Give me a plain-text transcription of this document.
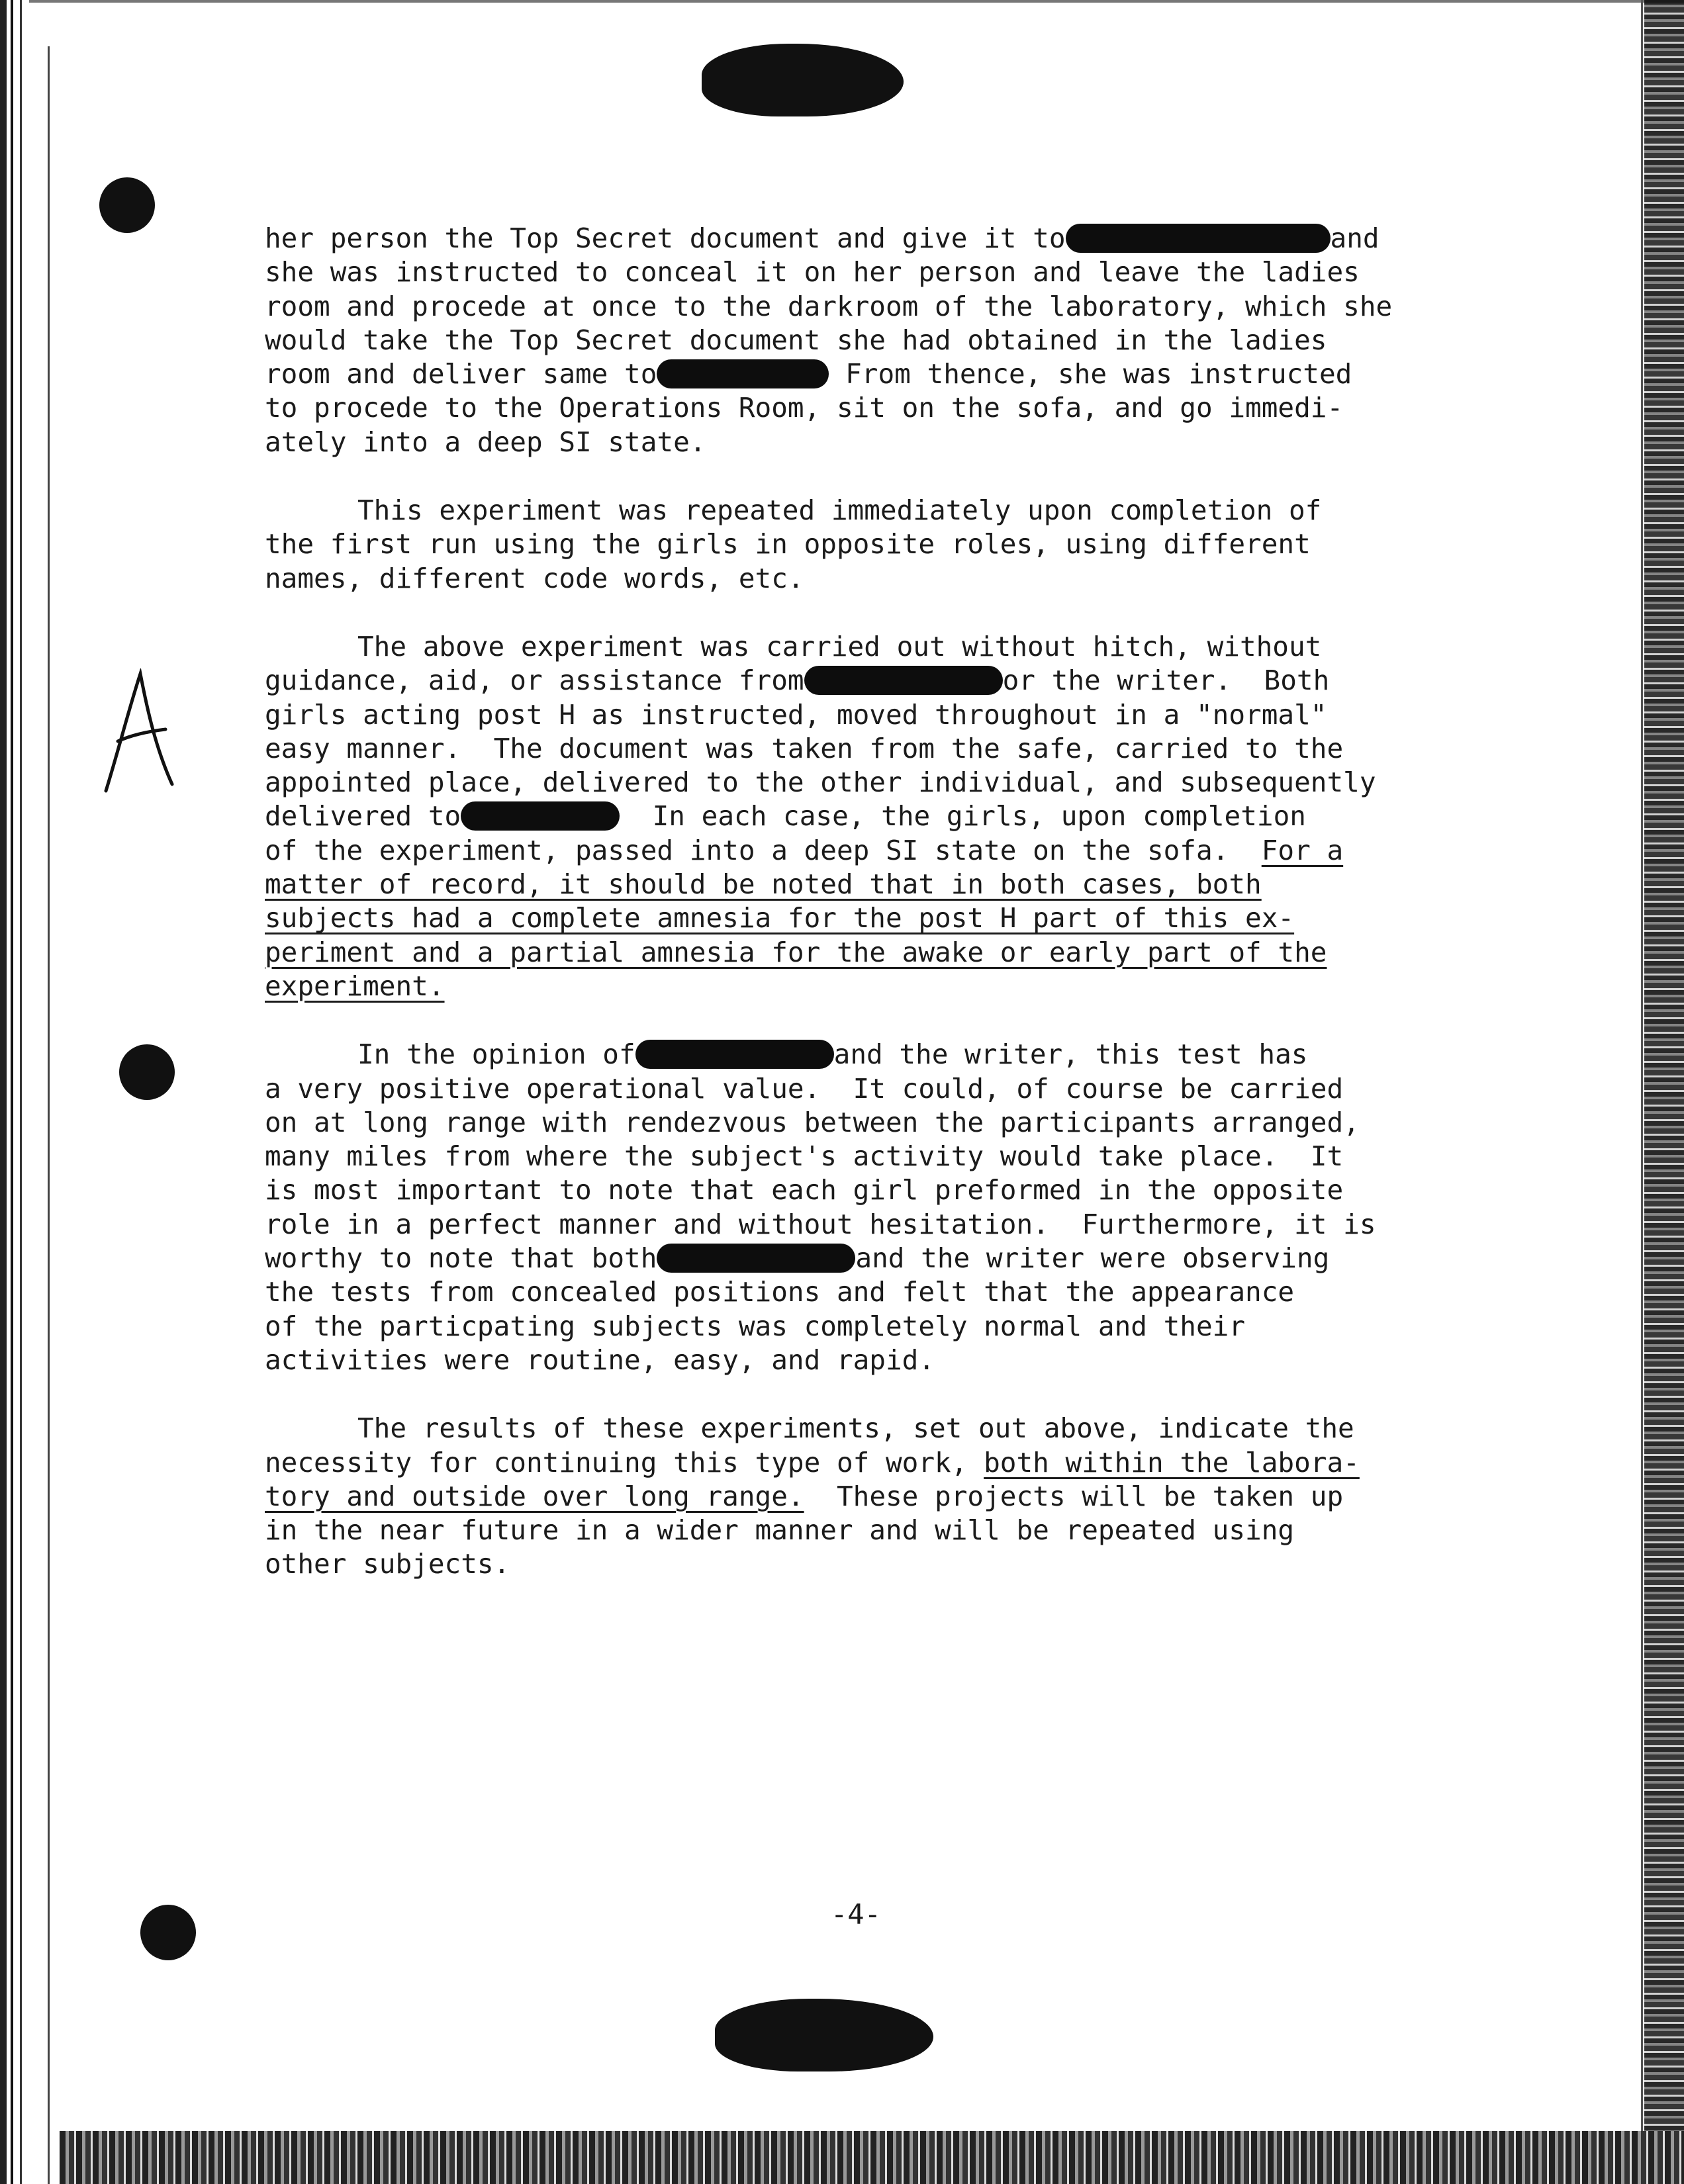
her person the Top Secret document and give it to	and

she was instructed to conceal it on her person and leave the ladies

room and procede at once to the darkroom of the laboratory, which she

would take the Top Secret document she had obtained in the ladies

room and deliver same to	From thence, she was instructed

to procede to the Operations Room, sit on the sofa, and go immedi-

ately into a deep SI state.

This experiment was repeated immediately upon completion of

the first run using the girls in opposite roles, using different

names, different code words, etc.

The above experiment was carried out without hitch, without

guidance, aid, or assistance from	or the writer.  Both

girls acting post H as instructed, moved throughout in a "normal"

easy manner.  The document was taken from the safe, carried to the

appointed place, delivered to the other individual, and subsequently

delivered to	In each case, the girls, upon completion

of the experiment, passed into a deep SI state on the sofa.  For a

matter of record, it should be noted that in both cases, both

subjects had a complete amnesia for the post H part of this ex-

periment and a partial amnesia for the awake or early part of the

experiment.

In the opinion of	and the writer, this test has

a very positive operational value.  It could, of course be carried

on at long range with rendezvous between the participants arranged,

many miles from where the subject's activity would take place.  It

is most important to note that each girl preformed in the opposite

role in a perfect manner and without hesitation.  Furthermore, it is

worthy to note that both	and the writer were observing

the tests from concealed positions and felt that the appearance

of the particpating subjects was completely normal and their

activities were routine, easy, and rapid.

The results of these experiments, set out above, indicate the

necessity for continuing this type of work, both within the labora-

tory and outside over long range.  These projects will be taken up

in the near future in a wider manner and will be repeated using

other subjects.

-4-
